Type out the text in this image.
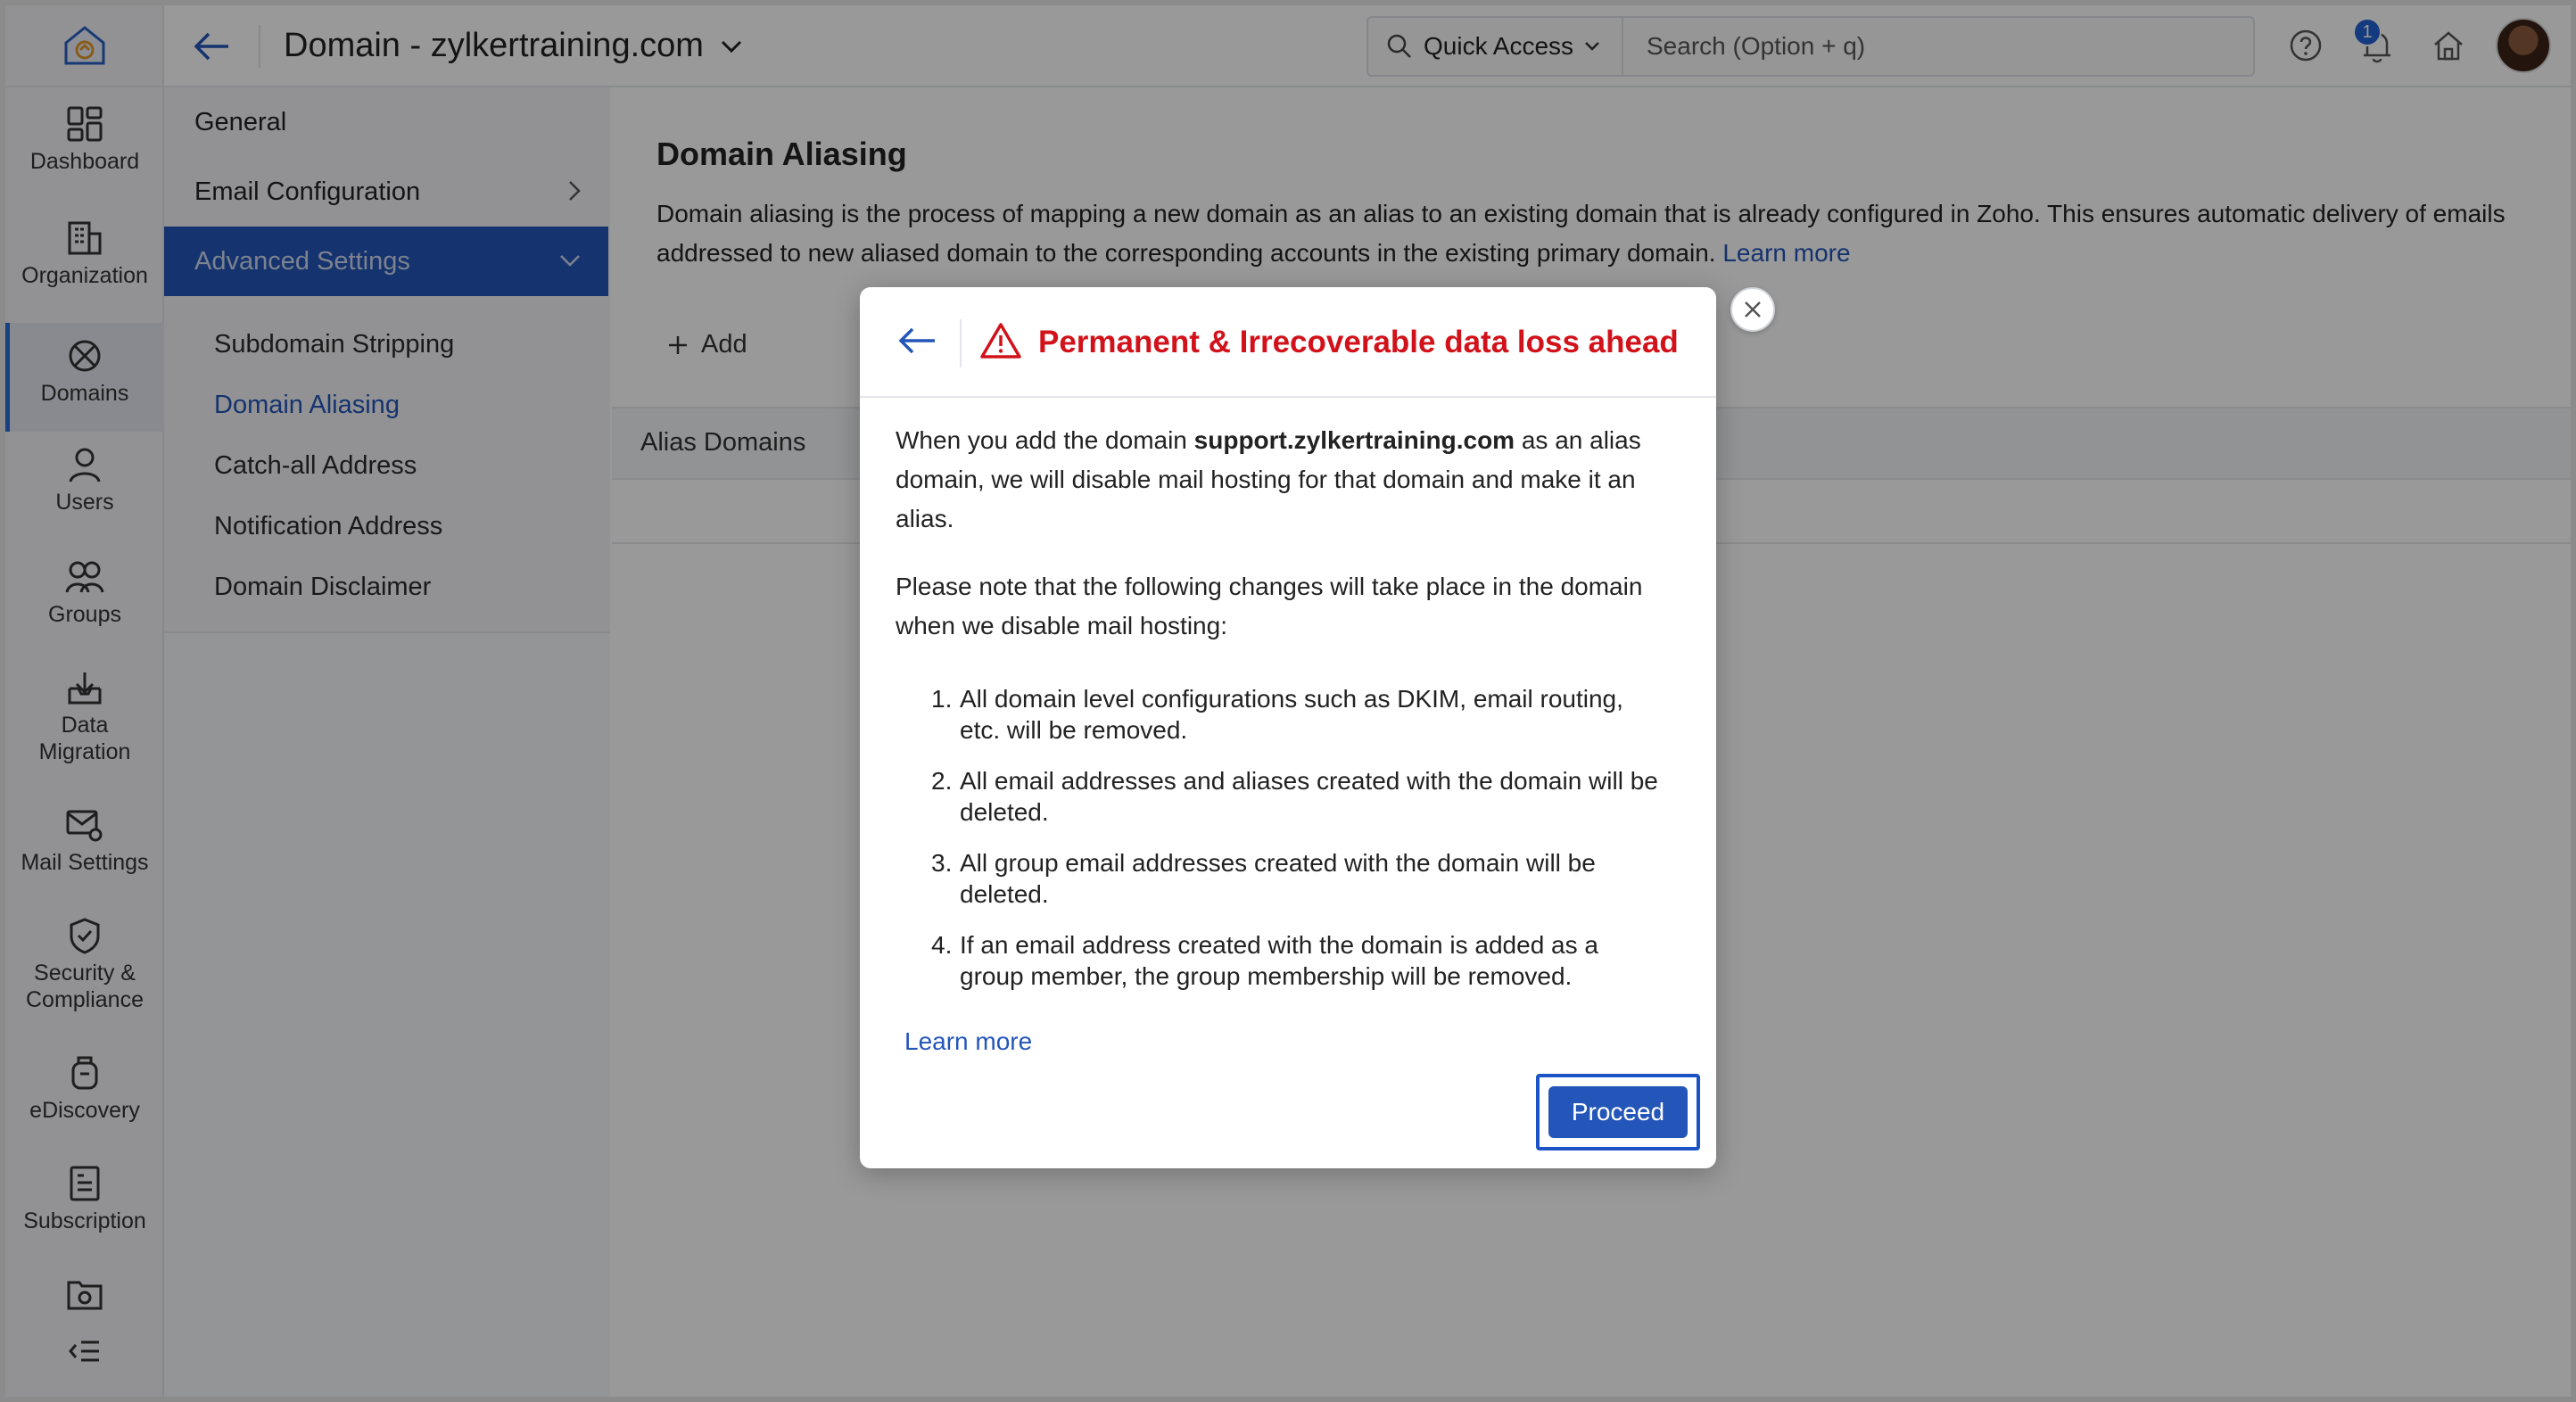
Dashboard
Organization
Domains
Users
Groups
Data Migration
Mail Settings
Security & Compliance
eDiscovery
Subscription
Domain - zylkertraining.com	Quick Access	Search (Option + q)
1
General
Email Configuration
Advanced Settings
Subdomain Stripping
Domain Aliasing
Catch-all Address
Notification Address
Domain Disclaimer
Domain Aliasing
Domain aliasing is the process of mapping a new domain as an alias to an existing domain that is already configured in Zoho. This ensures automatic delivery of emails addressed to new aliased domain to the corresponding accounts in the existing primary domain. Learn more
Add
Alias Domains
Permanent & Irrecoverable data loss ahead

When you add the domain support.zylkertraining.com as an alias domain, we will disable mail hosting for that domain and make it an alias.

Please note that the following changes will take place in the domain when we disable mail hosting:

1. All domain level configurations such as DKIM, email routing, etc. will be removed.
2. All email addresses and aliases created with the domain will be deleted.
3. All group email addresses created with the domain will be deleted.
4. If an email address created with the domain is added as a group member, the group membership will be removed.
Learn more
Proceed
